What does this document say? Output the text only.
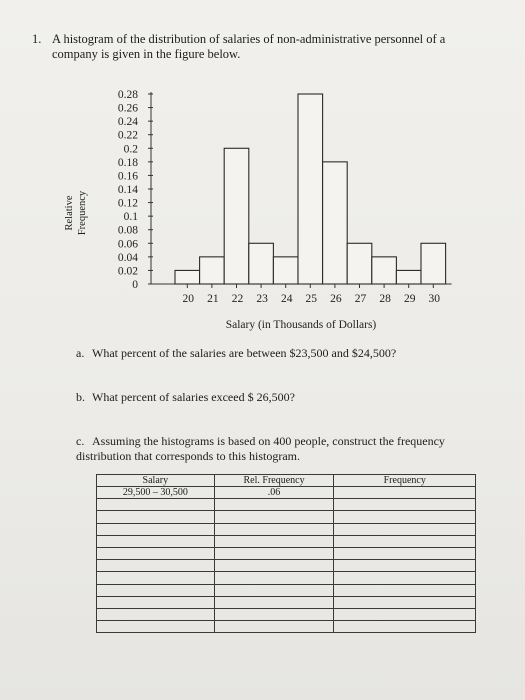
1. A histogram of the distribution of salaries of non-administrative personnel of a company is given in the figure below.
0.28
0.26
0.24
0.22
0.2
0.18
0.16
0.14
0.12
0.1
0.08
0.06
0.04
0.02
0
Relative Frequency
20 21 22 23 24 25 26 27 28 29 30
Salary (in Thousands of Dollars)
a. What percent of the salaries are between $23,500 and $24,500?
b. What percent of salaries exceed $ 26,500?
c. Assuming the histograms is based on 400 people, construct the frequency distribution that corresponds to this histogram.
Salary	Rel. Frequency	Frequency
29,500 – 30,500	.06	
